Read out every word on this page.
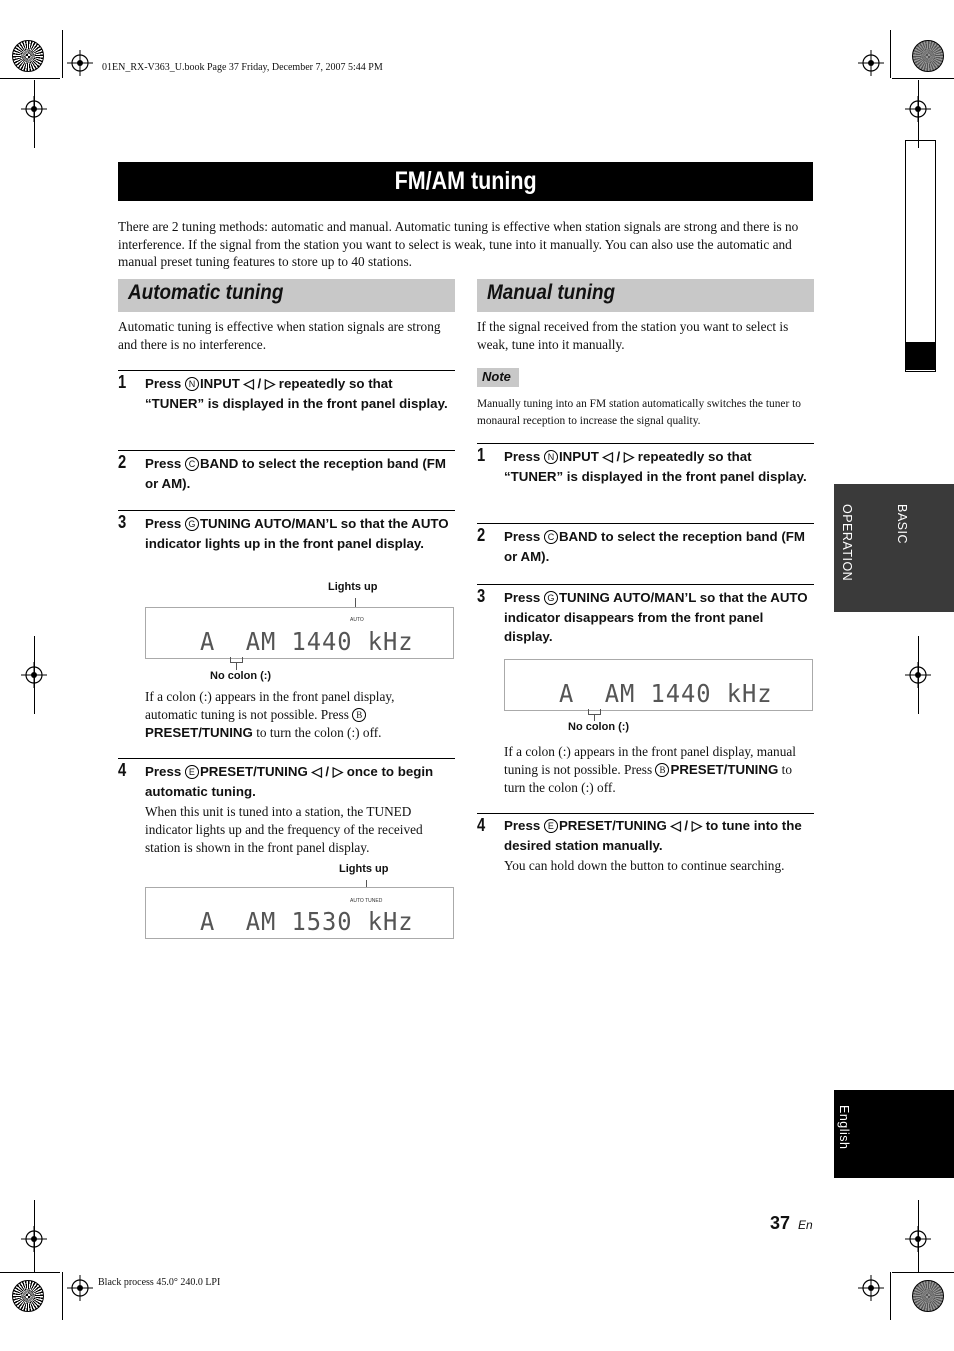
01EN_RX-V363_U.book Page 37 Friday, December 7, 2007 5:44 PM
BASIC
OPERATION
English
FM/AM tuning
There are 2 tuning methods: automatic and manual. Automatic tuning is effective when station signals are strong and there is no interference. If the signal from the station you want to select is weak, tune into it manually. You can also use the automatic and manual preset tuning features to store up to 40 stations.
Automatic tuning
Automatic tuning is effective when station signals are strong and there is no interference.
1 Press N INPUT ◁ / ▷ repeatedly so that “TUNER” is displayed in the front panel display.
2 Press C BAND to select the reception band (FM or AM).
3 Press G TUNING AUTO/MAN’L so that the AUTO indicator lights up in the front panel display.
Lights up
AUTO
A  AM 1440 kHz
No colon (:)
If a colon (:) appears in the front panel display, automatic tuning is not possible. Press BPRESET/TUNING to turn the colon (:) off.
4 Press E PRESET/TUNING ◁ / ▷ once to begin automatic tuning.
When this unit is tuned into a station, the TUNED indicator lights up and the frequency of the received station is shown in the front panel display.
Lights up
AUTO TUNED
A  AM 1530 kHz
Manual tuning
If the signal received from the station you want to select is weak, tune into it manually.
Note
Manually tuning into an FM station automatically switches the tuner to monaural reception to increase the signal quality.
1 Press N INPUT ◁ / ▷ repeatedly so that “TUNER” is displayed in the front panel display.
2 Press C BAND to select the reception band (FM or AM).
3 Press G TUNING AUTO/MAN’L so that the AUTO indicator disappears from the front panel display.
A  AM 1440 kHz
No colon (:)
If a colon (:) appears in the front panel display, manual tuning is not possible. Press B PRESET/TUNING to turn the colon (:) off.
4 Press E PRESET/TUNING ◁ / ▷ to tune into the desired station manually.
You can hold down the button to continue searching.
37 En
Black process 45.0° 240.0 LPI
